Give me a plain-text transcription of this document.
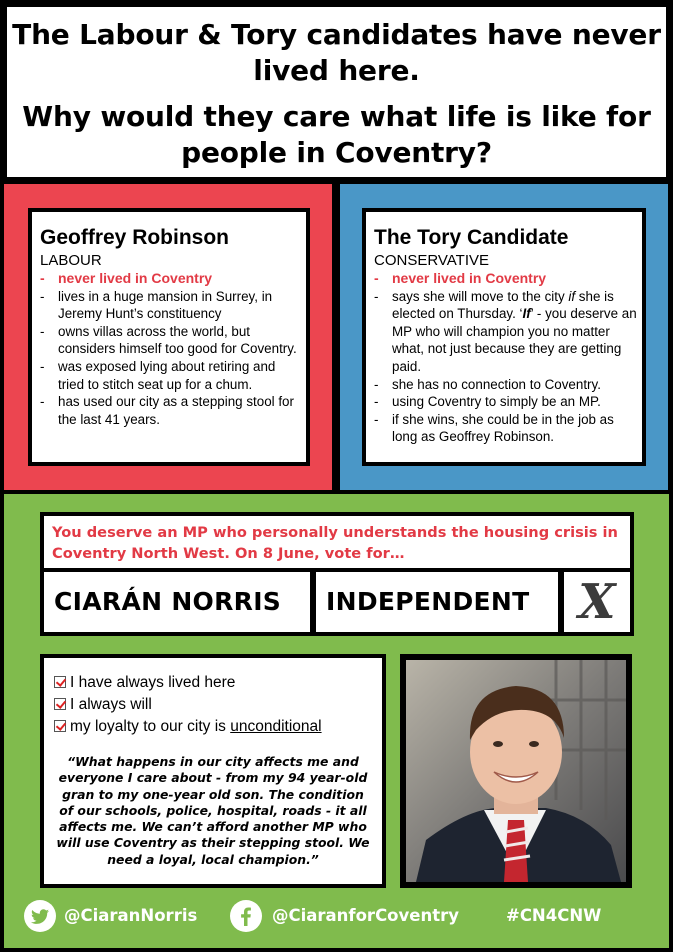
The Labour & Tory candidates have never lived here.
Why would they care what life is like for people in Coventry?
Geoffrey Robinson
LABOUR
- never lived in Coventry
- lives in a huge mansion in Surrey, in Jeremy Hunt’s constituency
- owns villas across the world, but considers himself too good for Coventry.
- was exposed lying about retiring and tried to stitch seat up for a chum.
- has used our city as a stepping stool for the last 41 years.
The Tory Candidate
CONSERVATIVE
- never lived in Coventry
- says she will move to the city if she is elected on Thursday. ‘If’ - you deserve an MP who will champion you no matter what, not just because they are getting paid.
- she has no connection to Coventry.
- using Coventry to simply be an MP.
- if she wins, she could be in the job as long as Geoffrey Robinson.
You deserve an MP who personally understands the housing crisis in Coventry North West. On 8 June, vote for…
CIARÁN NORRIS	INDEPENDENT	X
I have always lived here
I always will
my loyalty to our city is unconditional
“What happens in our city affects me and everyone I care about - from my 94 year-old gran to my one-year old son. The condition of our schools, police, hospital, roads - it all affects me. We can’t afford another MP who will use Coventry as their stepping stool. We need a loyal, local champion.”
@CiaranNorris	@CiaranforCoventry	#CN4CNW
